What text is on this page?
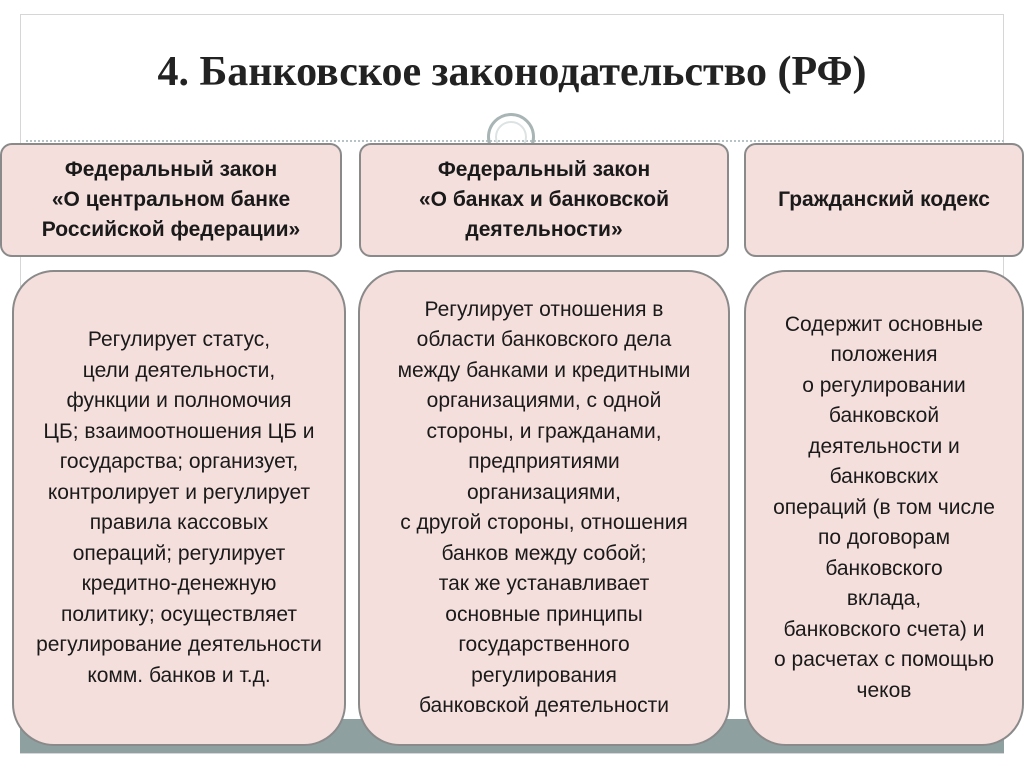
4. Банковское законодательство (РФ)
Федеральный закон
«О центральном банке
Российской федерации»
Регулирует статус,
цели деятельности,
функции и полномочия
ЦБ; взаимоотношения ЦБ и
государства; организует,
контролирует и регулирует
правила кассовых
операций; регулирует
кредитно-денежную
политику; осуществляет
регулирование деятельности
комм. банков и т.д.
Федеральный закон
«О банках и банковской
деятельности»
Регулирует отношения в
области банковского дела
между банками и кредитными
организациями, с одной
стороны, и гражданами,
предприятиями
организациями,
с другой стороны, отношения
банков между собой;
так же устанавливает
основные принципы
государственного
регулирования
банковской деятельности
Гражданский кодекс
Содержит основные
положения
о регулировании
банковской
деятельности и
банковских
операций (в том числе
по договорам
банковского
вклада,
банковского счета) и
о расчетах с помощью
чеков
